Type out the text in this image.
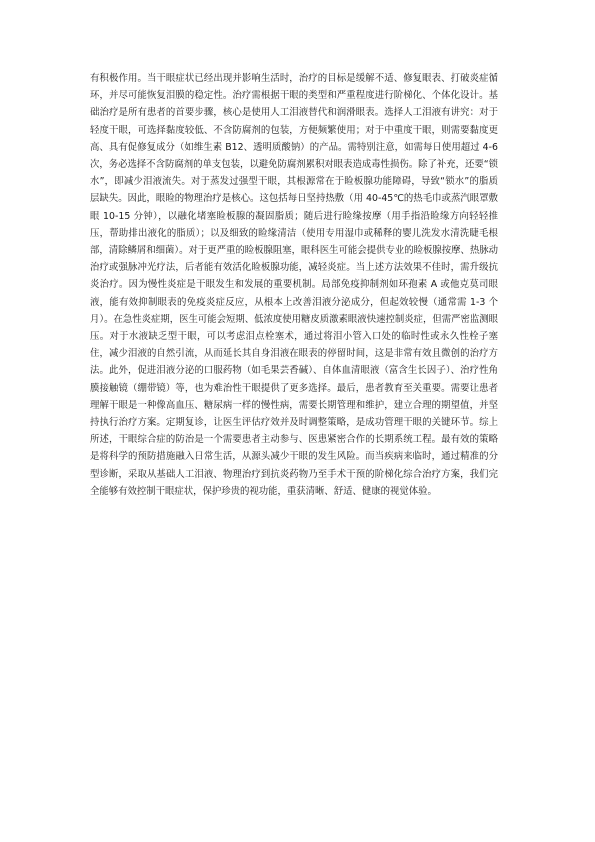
有积极作用。当干眼症状已经出现并影响生活时，治疗的目标是缓解不适、修复眼表、打破炎症循环，并尽可能恢复泪膜的稳定性。治疗需根据干眼的类型和严重程度进行阶梯化、个体化设计。基础治疗是所有患者的首要步骤，核心是使用人工泪液替代和润滑眼表。选择人工泪液有讲究：对于轻度干眼，可选择黏度较低、不含防腐剂的包装，方便频繁使用；对于中重度干眼，则需要黏度更高、具有促修复成分（如维生素 B12、透明质酸钠）的产品。需特别注意，如需每日使用超过 4-6 次，务必选择不含防腐剂的单支包装，以避免防腐剂累积对眼表造成毒性损伤。除了补充，还要“锁水”，即减少泪液流失。对于蒸发过强型干眼，其根源常在于睑板腺功能障碍，导致“锁水”的脂质层缺失。因此，眼睑的物理治疗是核心。这包括每日坚持热敷（用 40-45℃的热毛巾或蒸汽眼罩敷眼 10-15 分钟），以融化堵塞睑板腺的凝固脂质；随后进行睑缘按摩（用手指沿睑缘方向轻轻推压，帮助排出液化的脂质）；以及细致的睑缘清洁（使用专用湿巾或稀释的婴儿洗发水清洗睫毛根部，清除鳞屑和细菌）。对于更严重的睑板腺阻塞，眼科医生可能会提供专业的睑板腺按摩、热脉动治疗或强脉冲光疗法，后者能有效活化睑板腺功能，减轻炎症。当上述方法效果不佳时，需升级抗炎治疗。因为慢性炎症是干眼发生和发展的重要机制。局部免疫抑制剂如环孢素 A 或他克莫司眼液，能有效抑制眼表的免疫炎症反应，从根本上改善泪液分泌成分，但起效较慢（通常需 1-3 个月）。在急性炎症期，医生可能会短期、低浓度使用糖皮质激素眼液快速控制炎症，但需严密监测眼压。对于水液缺乏型干眼，可以考虑泪点栓塞术，通过将泪小管入口处的临时性或永久性栓子塞住，减少泪液的自然引流，从而延长其自身泪液在眼表的停留时间，这是非常有效且微创的治疗方法。此外，促进泪液分泌的口服药物（如毛果芸香碱）、自体血清眼液（富含生长因子）、治疗性角膜接触镜（绷带镜）等，也为难治性干眼提供了更多选择。最后，患者教育至关重要。需要让患者理解干眼是一种像高血压、糖尿病一样的慢性病，需要长期管理和维护，建立合理的期望值，并坚持执行治疗方案。定期复诊，让医生评估疗效并及时调整策略，是成功管理干眼的关键环节。综上所述，干眼综合症的防治是一个需要患者主动参与、医患紧密合作的长期系统工程。最有效的策略是将科学的预防措施融入日常生活，从源头减少干眼的发生风险。而当疾病来临时，通过精准的分型诊断，采取从基础人工泪液、物理治疗到抗炎药物乃至手术干预的阶梯化综合治疗方案，我们完全能够有效控制干眼症状，保护珍贵的视功能，重获清晰、舒适、健康的视觉体验。
